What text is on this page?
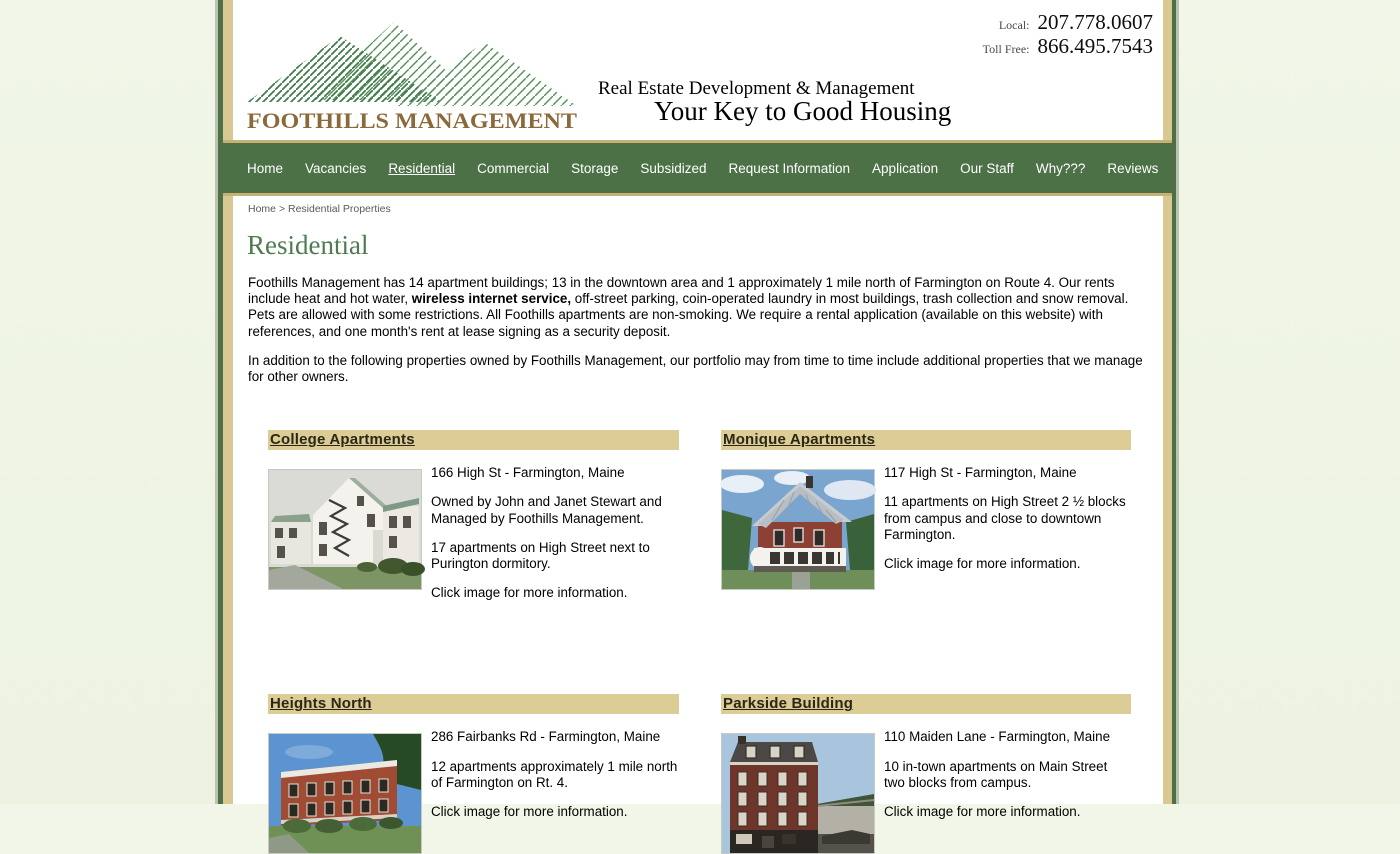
FOOTHILLS MANAGEMENT
Real Estate Development & Management
Your Key to Good Housing
Local: 207.778.0607
Toll Free: 866.495.7543
Home	Vacancies	Residential	Commercial	Storage	Subsidized	Request Information	Application	Our Staff	Why???	Reviews
Home > Residential Properties
Residential

Foothills Management has 14 apartment buildings; 13 in the downtown area and 1 approximately 1 mile north of Farmington on Route 4. Our rents include heat and hot water, wireless internet service, off-street parking, coin-operated laundry in most buildings, trash collection and snow removal. Pets are allowed with some restrictions. All Foothills apartments are non-smoking. We require a rental application (available on this website) with references, and one month's rent at lease signing as a security deposit.

In addition to the following properties owned by Foothills Management, our portfolio may from time to time include additional properties that we manage for other owners.

College Apartments

166 High St - Farmington, Maine

Owned by John and Janet Stewart and Managed by Foothills Management.

17 apartments on High Street next to Purington dormitory.

Click image for more information.

Monique Apartments

117 High St - Farmington, Maine

11 apartments on High Street 2 ½ blocks from campus and close to downtown Farmington.

Click image for more information.

Heights North

286 Fairbanks Rd - Farmington, Maine

12 apartments approximately 1 mile north of Farmington on Rt. 4.

Click image for more information.

Parkside Building

110 Maiden Lane - Farmington, Maine

10 in-town apartments on Main Street two blocks from campus.

Click image for more information.
